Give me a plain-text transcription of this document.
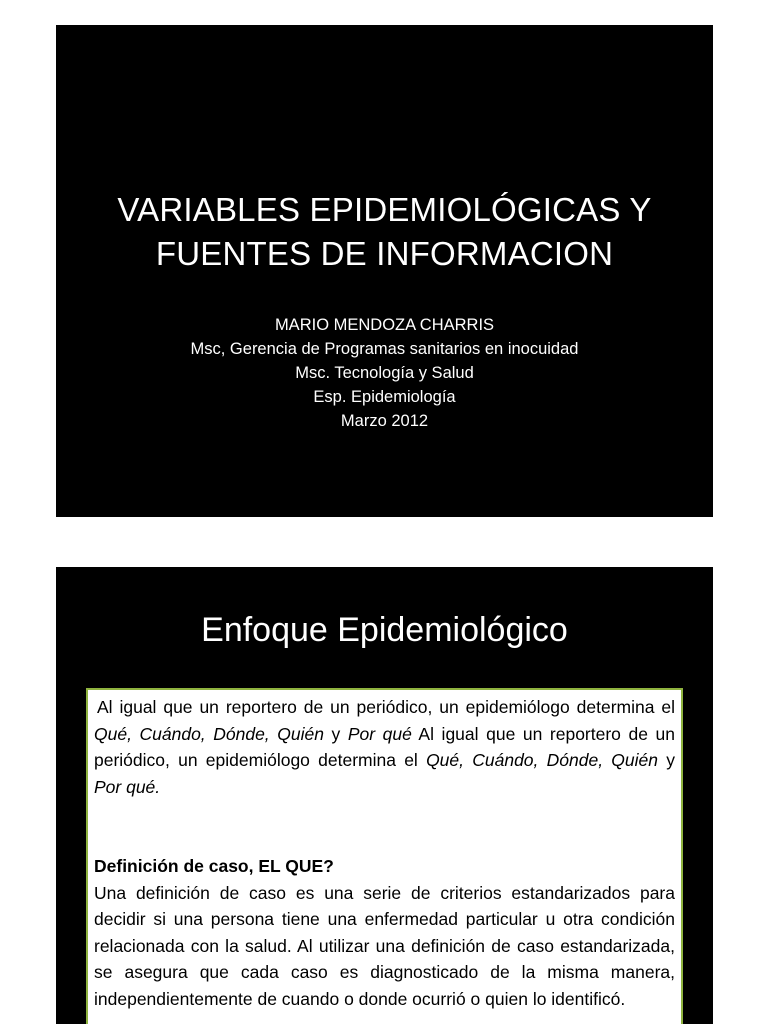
VARIABLES EPIDEMIOLÓGICAS Y
FUENTES DE INFORMACION
MARIO MENDOZA CHARRIS
Msc, Gerencia de Programas sanitarios en inocuidad
Msc. Tecnología y Salud
Esp. Epidemiología
Marzo 2012
Enfoque Epidemiológico

Al igual que un reportero de un periódico, un epidemiólogo determina el Qué, Cuándo, Dónde, Quién y Por qué Al igual que un reportero de un periódico, un epidemiólogo determina el Qué, Cuándo, Dónde, Quién y Por qué.

Definición de caso, EL QUE?

Una definición de caso es una serie de criterios estandarizados para decidir si una persona tiene una enfermedad particular u otra condición relacionada con la salud. Al utilizar una definición de caso estandarizada, se asegura que cada caso es diagnosticado de la misma manera, independientemente de cuando o donde ocurrió o quien lo identificó.
